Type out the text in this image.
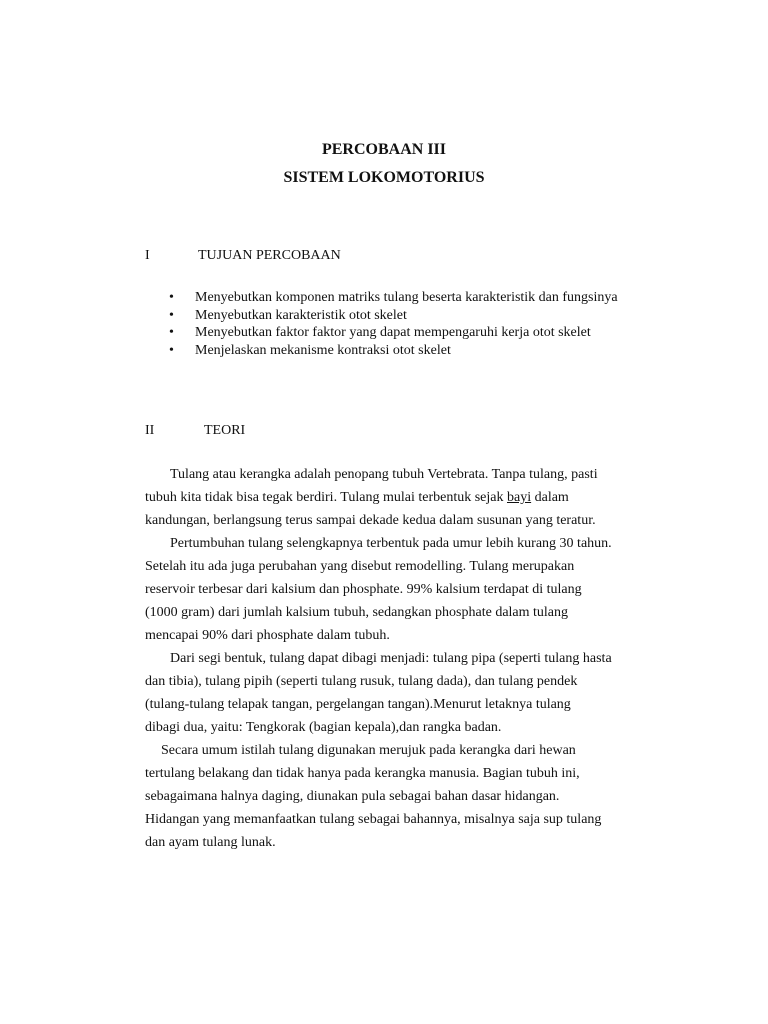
PERCOBAAN III
SISTEM LOKOMOTORIUS
I	TUJUAN PERCOBAAN
• Menyebutkan komponen matriks tulang beserta karakteristik dan fungsinya
• Menyebutkan karakteristik otot skelet
• Menyebutkan faktor faktor yang dapat mempengaruhi kerja otot skelet
• Menjelaskan mekanisme kontraksi otot skelet
II	TEORI

Tulang atau kerangka adalah penopang tubuh Vertebrata. Tanpa tulang, pasti

tubuh kita tidak bisa tegak berdiri. Tulang mulai terbentuk sejak bayi dalam

kandungan, berlangsung terus sampai dekade kedua dalam susunan yang teratur.

Pertumbuhan tulang selengkapnya terbentuk pada umur lebih kurang 30 tahun.

Setelah itu ada juga perubahan yang disebut remodelling. Tulang merupakan

reservoir terbesar dari kalsium dan phosphate. 99% kalsium terdapat di tulang

(1000 gram) dari jumlah kalsium tubuh, sedangkan phosphate dalam tulang

mencapai 90% dari phosphate dalam tubuh.

Dari segi bentuk, tulang dapat dibagi menjadi: tulang pipa (seperti tulang hasta

dan tibia), tulang pipih (seperti tulang rusuk, tulang dada), dan tulang pendek

(tulang-tulang telapak tangan, pergelangan tangan).Menurut letaknya tulang

dibagi dua, yaitu: Tengkorak (bagian kepala),dan rangka badan.

Secara umum istilah tulang digunakan merujuk pada kerangka dari hewan

tertulang belakang dan tidak hanya pada kerangka manusia. Bagian tubuh ini,

sebagaimana halnya daging, diunakan pula sebagai bahan dasar hidangan.

Hidangan yang memanfaatkan tulang sebagai bahannya, misalnya saja sup tulang

dan ayam tulang lunak.
